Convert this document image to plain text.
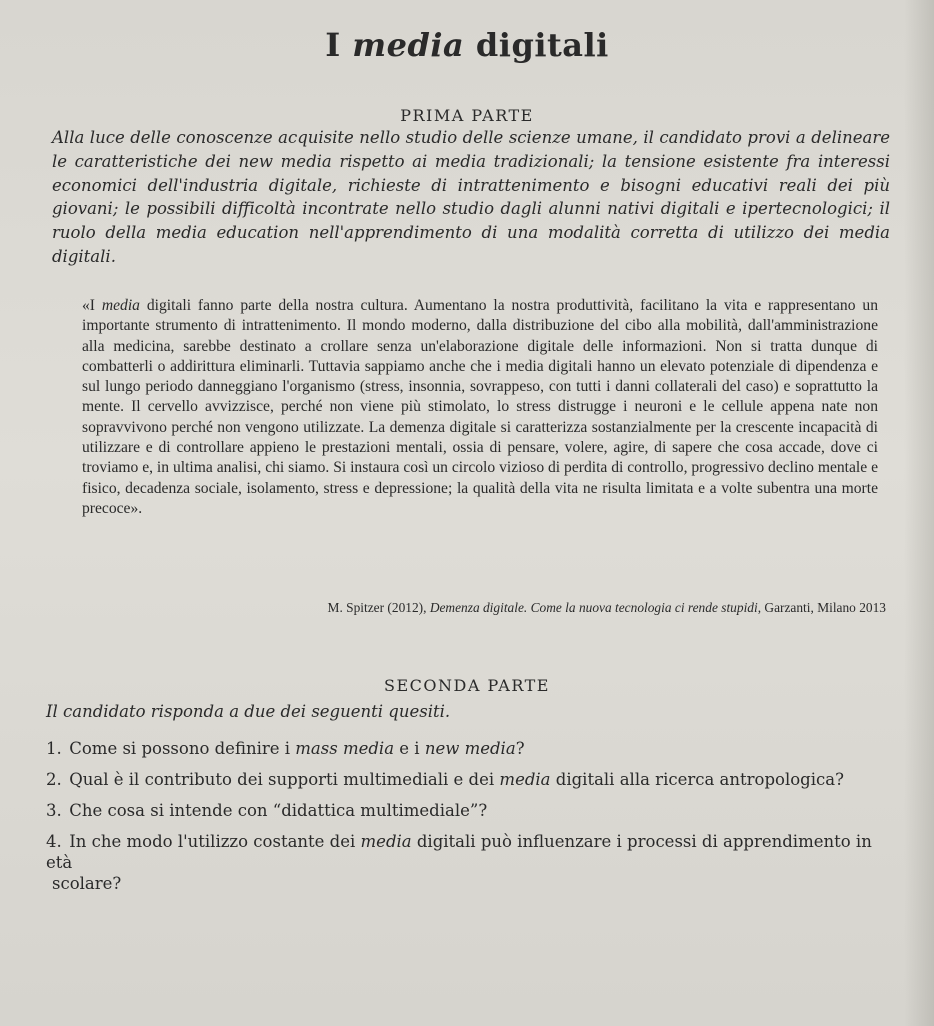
I media digitali
PRIMA PARTE
Alla luce delle conoscenze acquisite nello studio delle scienze umane, il candidato provi a delineare le caratteristiche dei new media rispetto ai media tradizionali; la tensione esistente fra interessi economici dell'industria digitale, richieste di intrattenimento e bisogni educativi reali dei più giovani; le possibili difficoltà incontrate nello studio dagli alunni nativi digitali e ipertecnologici; il ruolo della media education nell'apprendimento di una modalità corretta di utilizzo dei media digitali.
«I media digitali fanno parte della nostra cultura. Aumentano la nostra produttività, facilitano la vita e rappresentano un importante strumento di intrattenimento. Il mondo moderno, dalla distribuzione del cibo alla mobilità, dall'amministrazione alla medicina, sarebbe destinato a crollare senza un'elaborazione digitale delle informazioni. Non si tratta dunque di combatterli o addirittura eliminarli. Tuttavia sappiamo anche che i media digitali hanno un elevato potenziale di dipendenza e sul lungo periodo danneggiano l'organismo (stress, insonnia, sovrappeso, con tutti i danni collaterali del caso) e soprattutto la mente. Il cervello avvizzisce, perché non viene più stimolato, lo stress distrugge i neuroni e le cellule appena nate non sopravvivono perché non vengono utilizzate. La demenza digitale si caratterizza sostanzialmente per la crescente incapacità di utilizzare e di controllare appieno le prestazioni mentali, ossia di pensare, volere, agire, di sapere che cosa accade, dove ci troviamo e, in ultima analisi, chi siamo. Si instaura così un circolo vizioso di perdita di controllo, progressivo declino mentale e fisico, decadenza sociale, isolamento, stress e depressione; la qualità della vita ne risulta limitata e a volte subentra una morte precoce».
M. Spitzer (2012), Demenza digitale. Come la nuova tecnologia ci rende stupidi, Garzanti, Milano 2013
SECONDA PARTE
Il candidato risponda a due dei seguenti quesiti.
1. Come si possono definire i mass media e i new media?
2. Qual è il contributo dei supporti multimediali e dei media digitali alla ricerca antropologica?
3. Che cosa si intende con “didattica multimediale”?
4. In che modo l'utilizzo costante dei media digitali può influenzare i processi di apprendimento in età
scolare?
